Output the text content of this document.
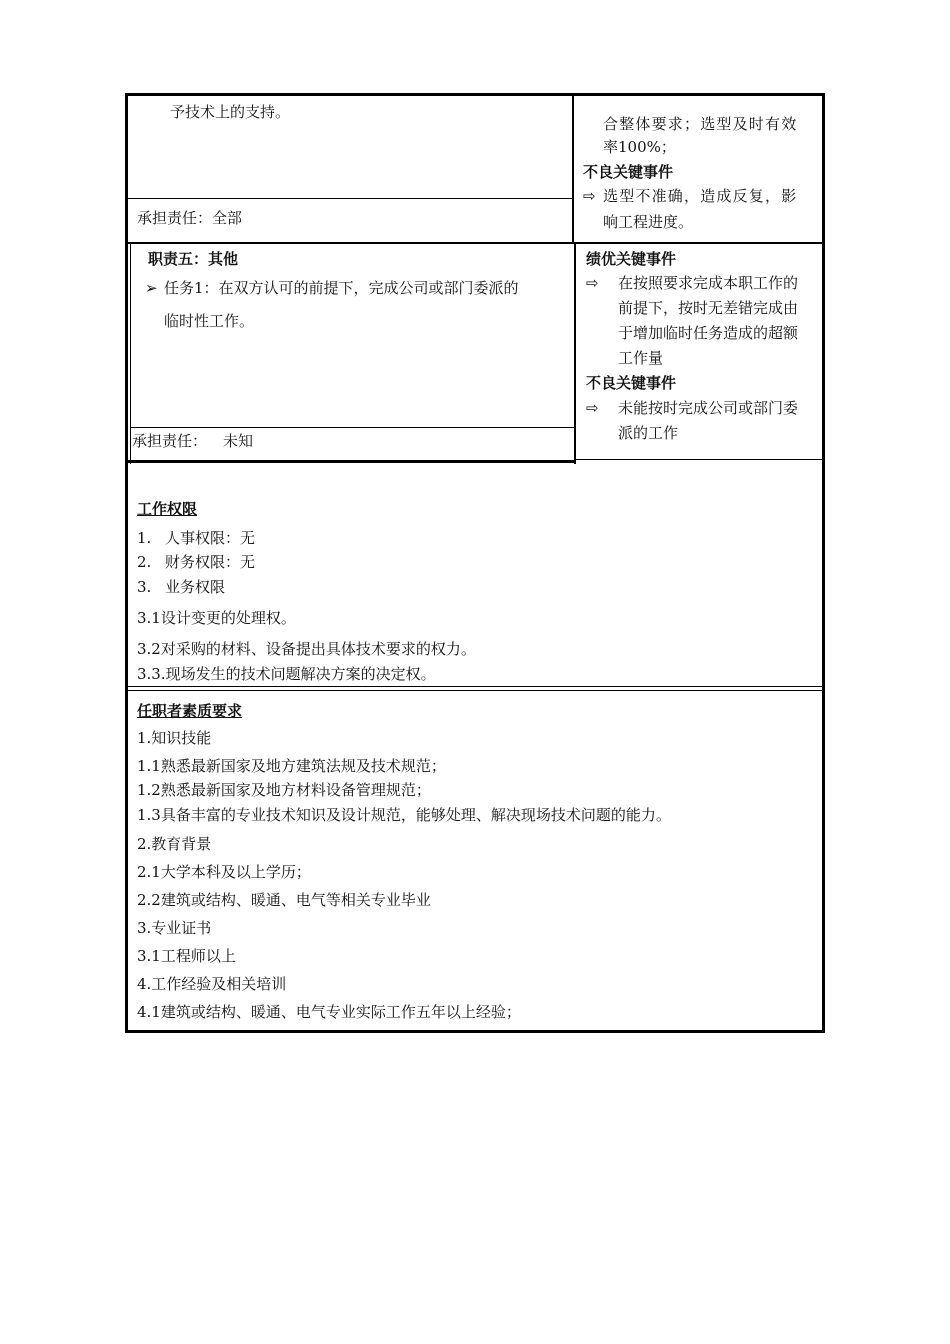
予技术上的支持。
承担责任：全部
合整体要求；选型及时有效
率100%；
不良关键事件
⇨ 选型不准确，造成反复，影
响工程进度。
职责五：其他
➢ 任务1：在双方认可的前提下，完成公司或部门委派的
临时性工作。
承担责任： 未知
绩优关键事件
⇨ 在按照要求完成本职工作的
前提下，按时无差错完成由
于增加临时任务造成的超额
工作量
不良关键事件
⇨ 未能按时完成公司或部门委
派的工作
工作权限
1. 人事权限：无
2. 财务权限：无
3. 业务权限
3.1设计变更的处理权。
3.2对采购的材料、设备提出具体技术要求的权力。
3.3.现场发生的技术问题解决方案的决定权。
任职者素质要求
1.知识技能
1.1熟悉最新国家及地方建筑法规及技术规范；
1.2熟悉最新国家及地方材料设备管理规范；
1.3具备丰富的专业技术知识及设计规范，能够处理、解决现场技术问题的能力。
2.教育背景
2.1大学本科及以上学历；
2.2建筑或结构、暖通、电气等相关专业毕业
3.专业证书
3.1工程师以上
4.工作经验及相关培训
4.1建筑或结构、暖通、电气专业实际工作五年以上经验；
